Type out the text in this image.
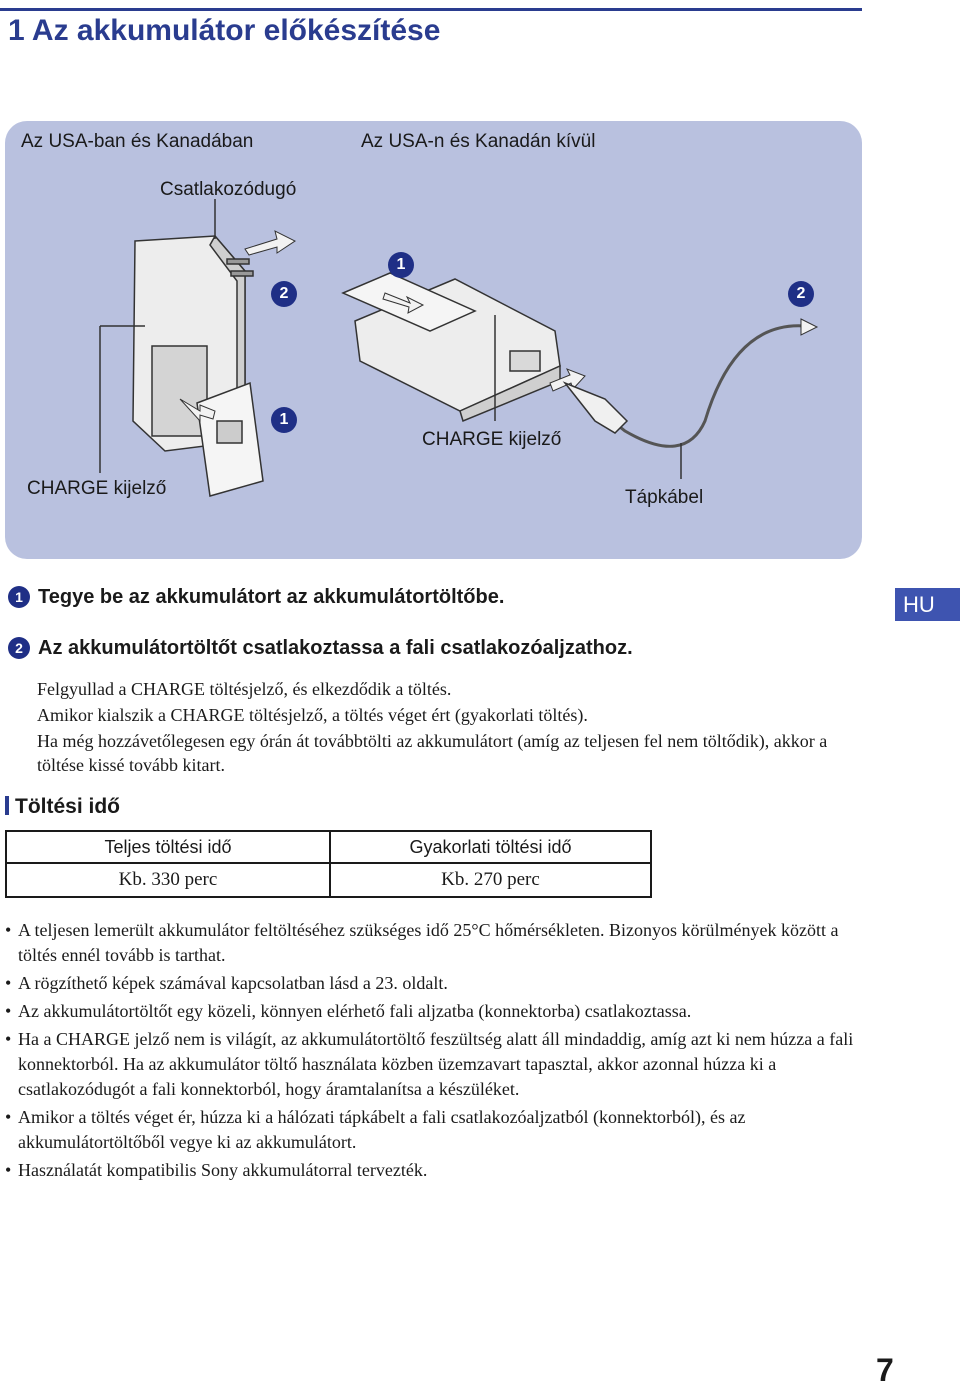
1 Az akkumulátor előkészítése
Az USA-ban és Kanadában	Az USA-n és Kanadán kívül
Csatlakozódugó
CHARGE kijelző
CHARGE kijelző
Tápkábel
1
2
1
2
1 Tegye be az akkumulátort az akkumulátortöltőbe.
2 Az akkumulátortöltőt csatlakoztassa a fali csatlakozóaljzathoz.

Felgyullad a CHARGE töltésjelző, és elkezdődik a töltés.

Amikor kialszik a CHARGE töltésjelző, a töltés véget ért (gyakorlati töltés).

Ha még hozzávetőlegesen egy órán át továbbtölti az akkumulátort (amíg az teljesen fel nem töltődik), akkor a töltése kissé tovább kitart.

HU
Töltési idő
Teljes töltési idő	Gyakorlati töltési idő
Kb. 330 perc	Kb. 270 perc
• A teljesen lemerült akkumulátor feltöltéséhez szükséges idő 25°C hőmérsékleten. Bizonyos körülmények között a töltés ennél tovább is tarthat.
• A rögzíthető képek számával kapcsolatban lásd a 23. oldalt.
• Az akkumulátortöltőt egy közeli, könnyen elérhető fali aljzatba (konnektorba) csatlakoztassa.
• Ha a CHARGE jelző nem is világít, az akkumulátortöltő feszültség alatt áll mindaddig, amíg azt ki nem húzza a fali konnektorból. Ha az akkumulátor töltő használata közben üzemzavart tapasztal, akkor azonnal húzza ki a csatlakozódugót a fali konnektorból, hogy áramtalanítsa a készüléket.
• Amikor a töltés véget ér, húzza ki a hálózati tápkábelt a fali csatlakozóaljzatból (konnektorból), és az akkumulátortöltőből vegye ki az akkumulátort.
• Használatát kompatibilis Sony akkumulátorral tervezték.
7
